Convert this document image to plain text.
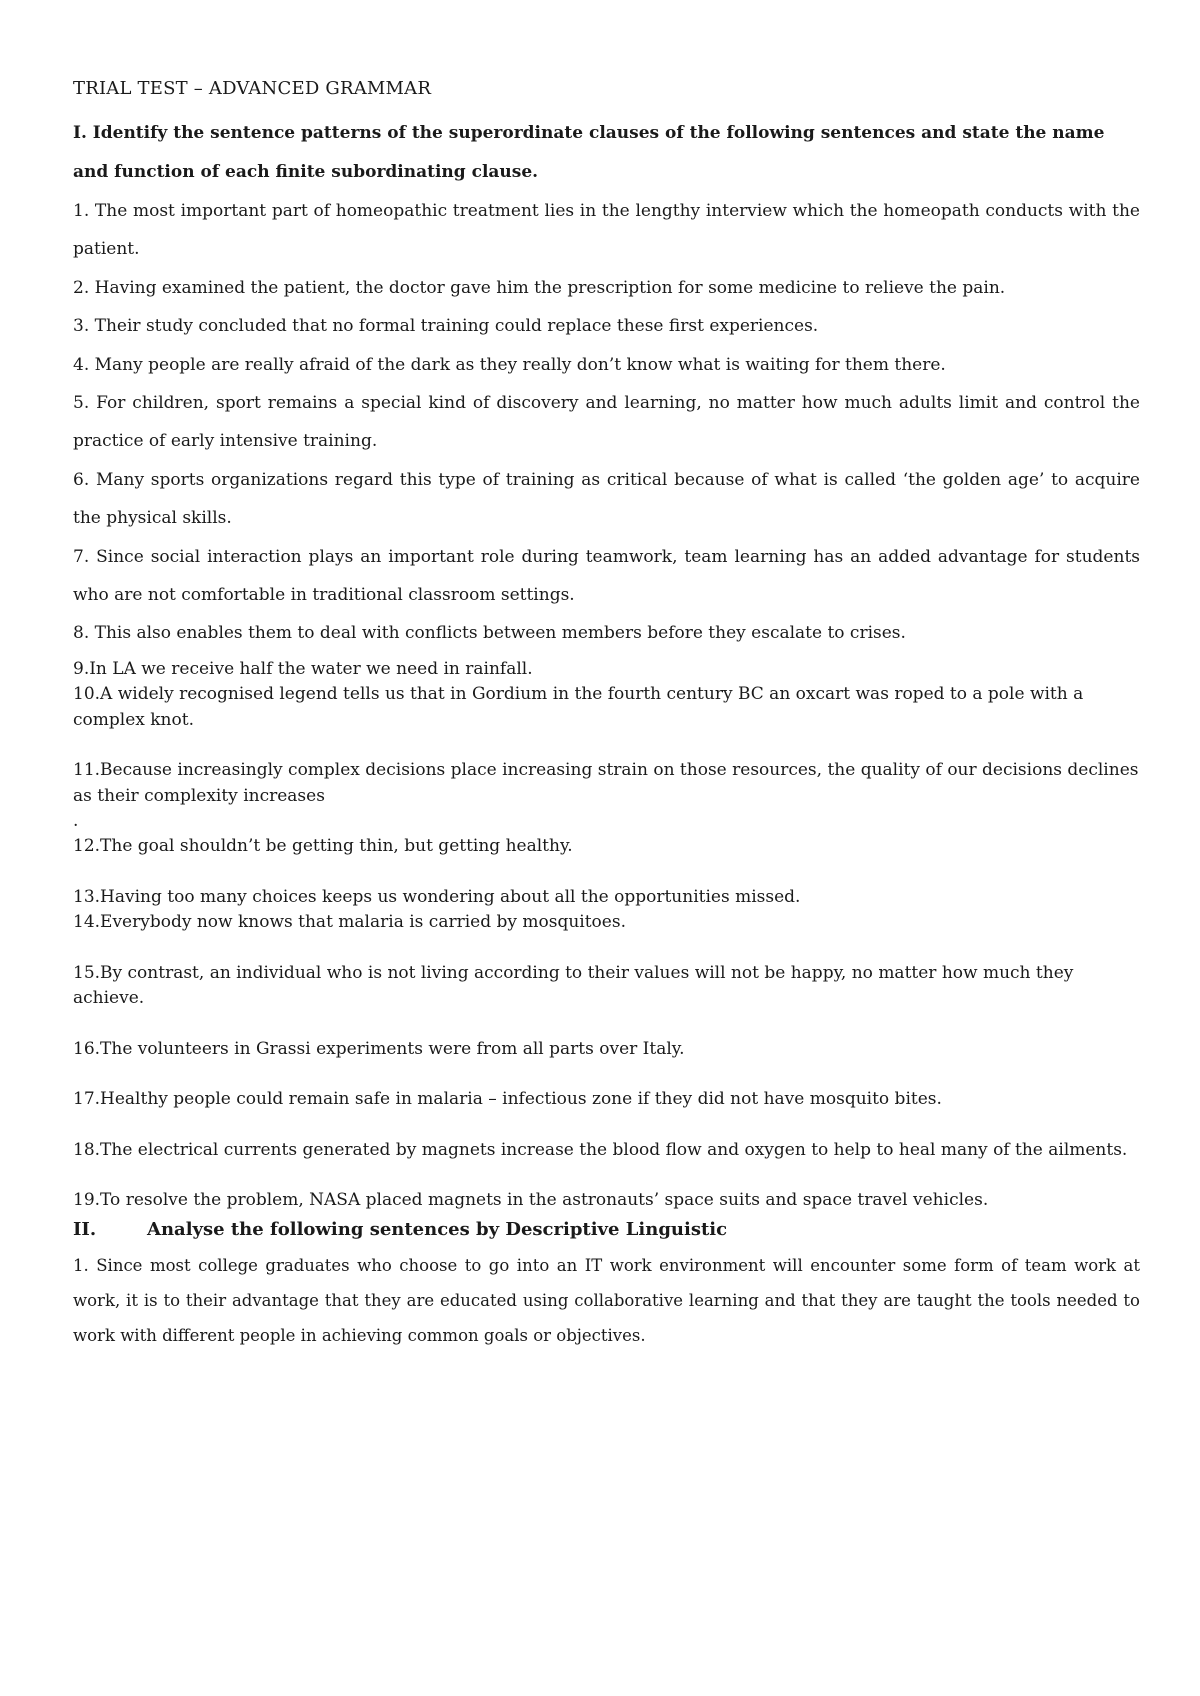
TRIAL TEST – ADVANCED GRAMMAR

I. Identify the sentence patterns of the superordinate clauses of the following sentences and state the name and function of each finite subordinating clause.

1. The most important part of homeopathic treatment lies in the lengthy interview which the homeopath conducts with the patient.

2. Having examined the patient, the doctor gave him the prescription for some medicine to relieve the pain.

3. Their study concluded that no formal training could replace these first experiences.

4. Many people are really afraid of the dark as they really don’t know what is waiting for them there.

5. For children, sport remains a special kind of discovery and learning, no matter how much adults limit and control the practice of early intensive training.

6. Many sports organizations regard this type of training as critical because of what is called ‘the golden age’ to acquire the physical skills.

7. Since social interaction plays an important role during teamwork, team learning has an added advantage for students who are not comfortable in traditional classroom settings.

8. This also enables them to deal with conflicts between members before they escalate to crises.

9.In LA we receive half the water we need in rainfall.

10.A widely recognised legend tells us that in Gordium in the fourth century BC an oxcart was roped to a pole with a complex knot.

11.Because increasingly complex decisions place increasing strain on those resources, the quality of our decisions declines as their complexity increases

.

12.The goal shouldn’t be getting thin, but getting healthy.

13.Having too many choices keeps us wondering about all the opportunities missed.

14.Everybody now knows that malaria is carried by mosquitoes.

15.By contrast, an individual who is not living according to their values will not be happy, no matter how much they achieve.

16.The volunteers in Grassi experiments were from all parts over Italy.

17.Healthy people could remain safe in malaria – infectious zone if they did not have mosquito bites.

18.The electrical currents generated by magnets increase the blood flow and oxygen to help to heal many of the ailments.

19.To resolve the problem, NASA placed magnets in the astronauts’ space suits and space travel vehicles.

II.	Analyse the following sentences by Descriptive Linguistic

1. Since most college graduates who choose to go into an IT work environment will encounter some form of team work at work, it is to their advantage that they are educated using collaborative learning and that they are taught the tools needed to work with different people in achieving common goals or objectives.
